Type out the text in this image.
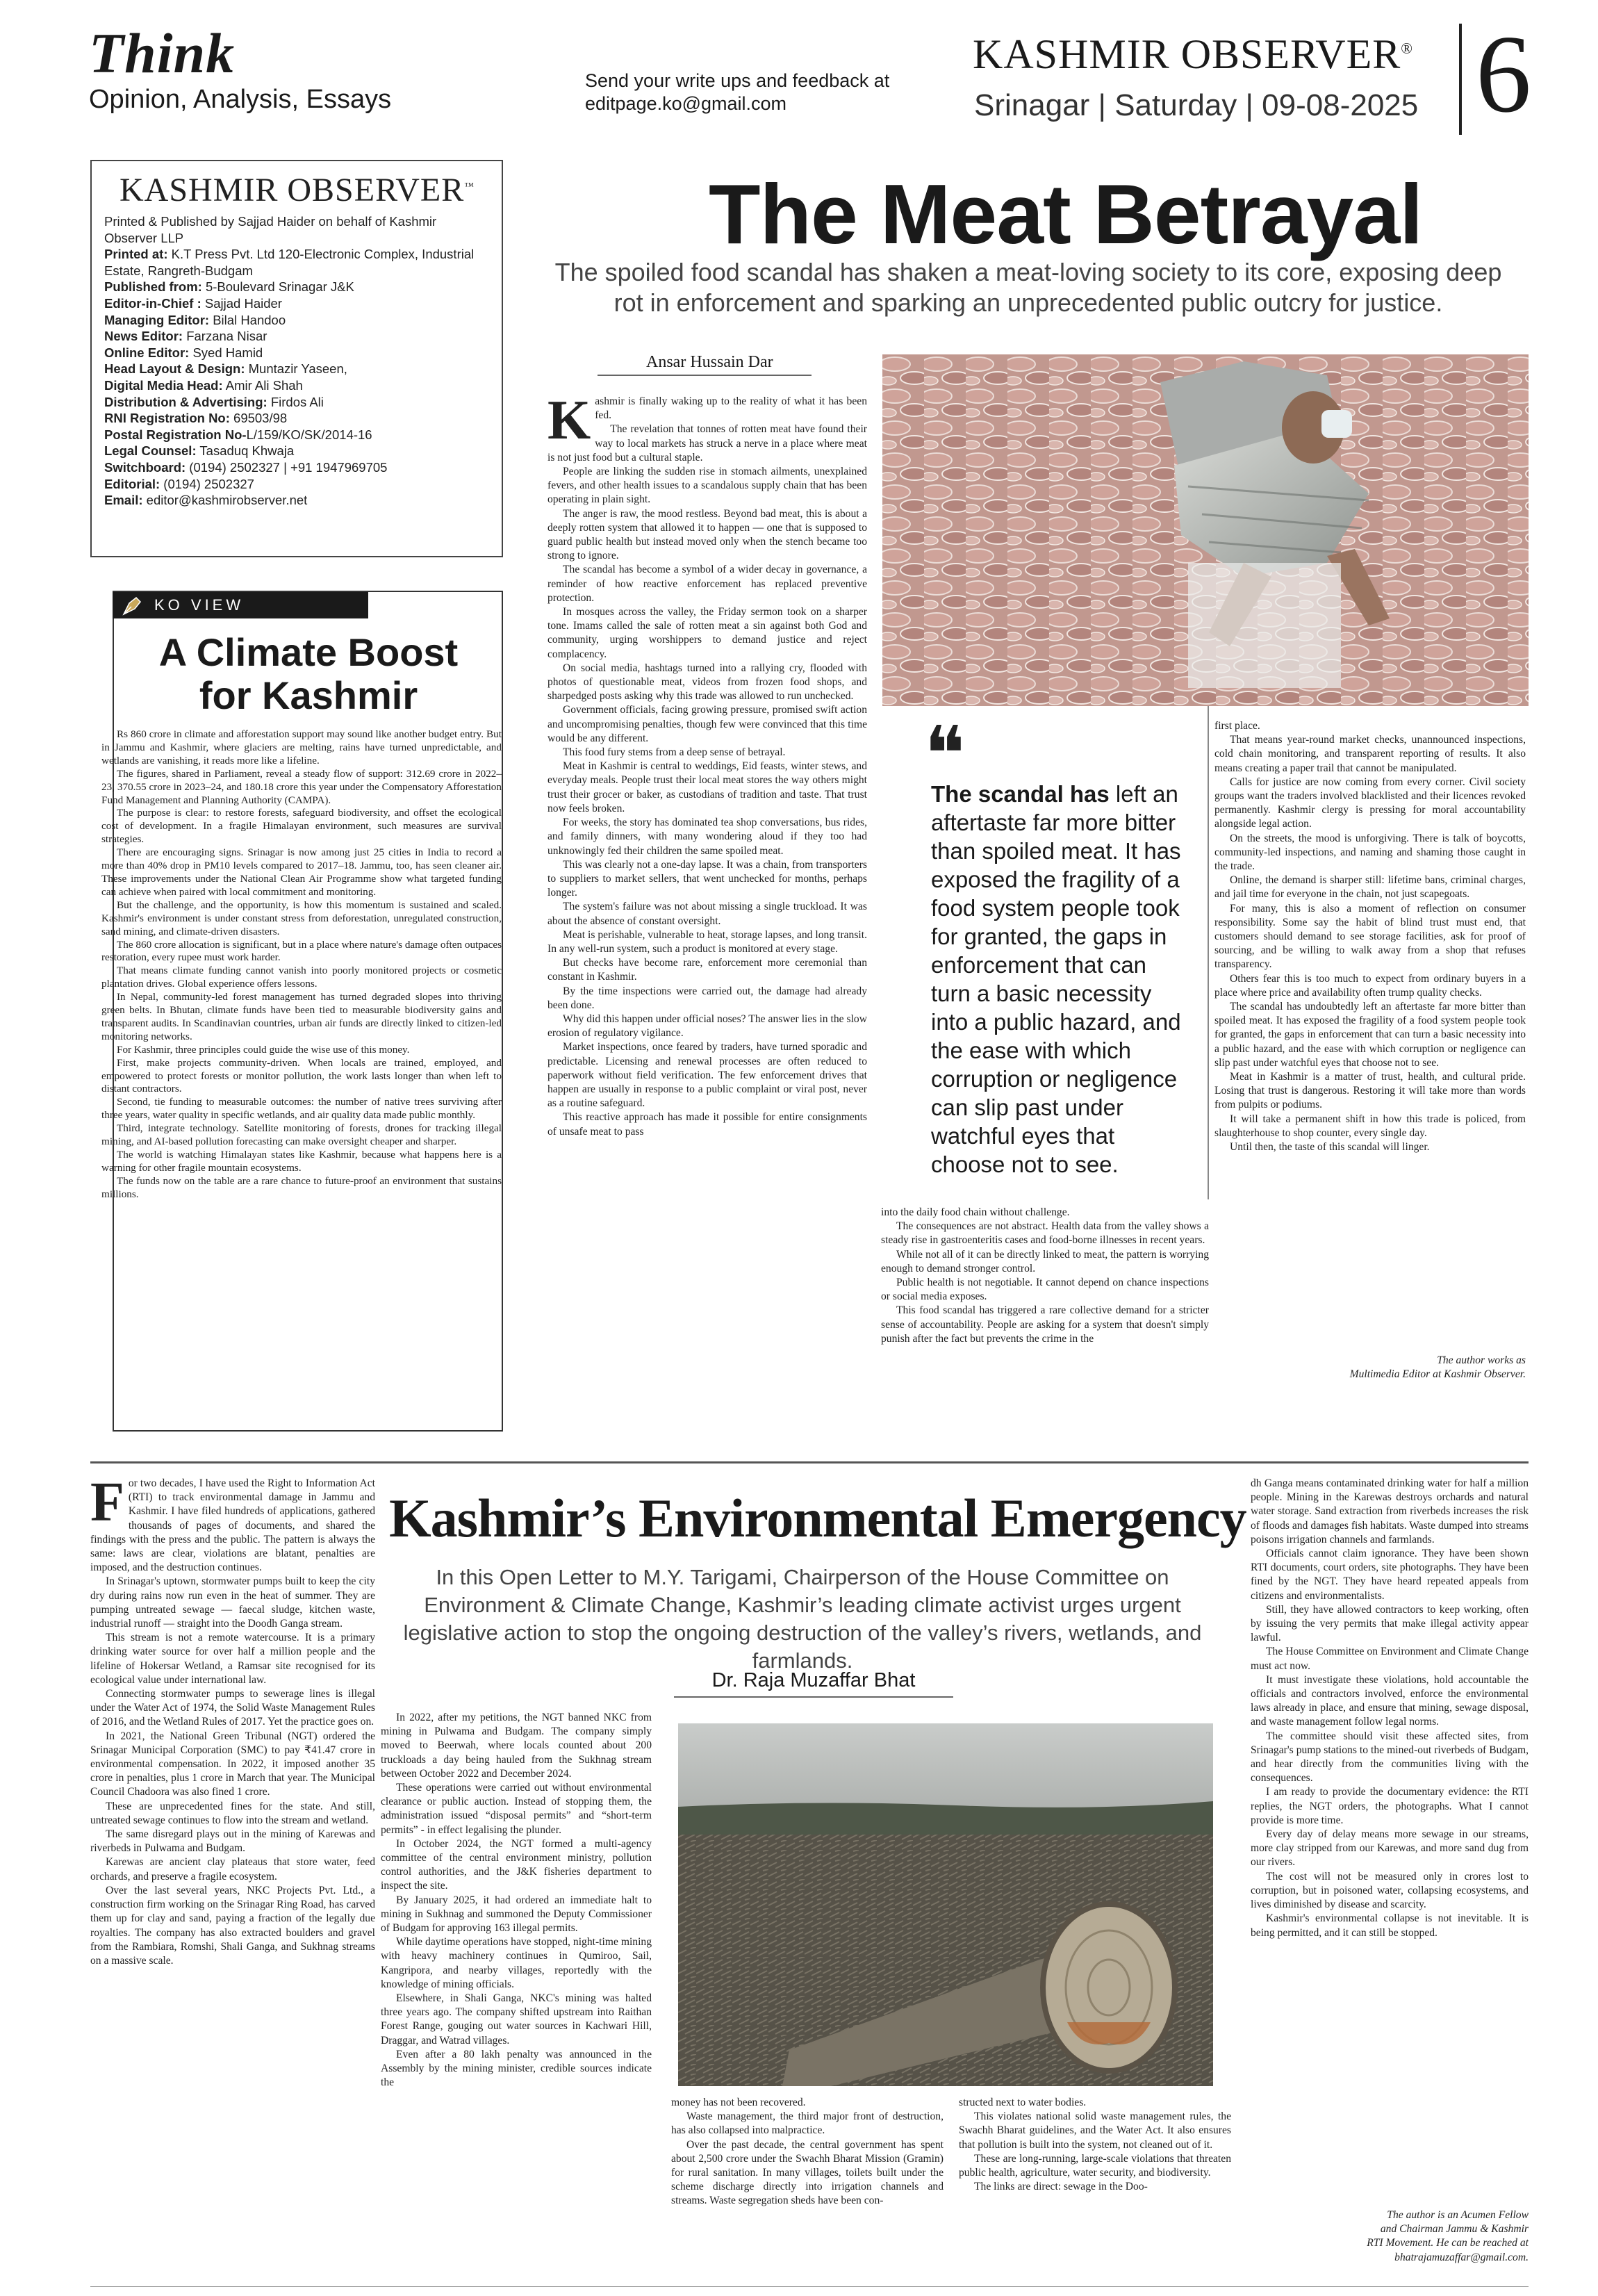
Think
Opinion, Analysis, Essays
Send your write ups and feedback at
editpage.ko@gmail.com
KASHMIR OBSERVER®
Srinagar | Saturday | 09-08-2025 6
KASHMIR OBSERVER™
Printed & Published by Sajjad Haider on behalf of Kashmir Observer LLP
Printed at: K.T Press Pvt. Ltd 120-Electronic Complex, Industrial Estate, Rangreth-Budgam
Published from: 5-Boulevard Srinagar J&K
Editor-in-Chief : Sajjad Haider
Managing Editor: Bilal Handoo
News Editor: Farzana Nisar
Online Editor: Syed Hamid
Head Layout & Design: Muntazir Yaseen,
Digital Media Head: Amir Ali Shah
Distribution & Advertising: Firdos Ali
RNI Registration No: 69503/98
Postal Registration No-L/159/KO/SK/2014-16
Legal Counsel: Tasaduq Khwaja
Switchboard: (0194) 2502327 | +91 1947969705
Editorial: (0194) 2502327
Email: editor@kashmirobserver.net
KO VIEW
A Climate Boost
for Kashmir

Rs 860 crore in climate and afforestation support may sound like another budget entry. But in Jammu and Kashmir, where glaciers are melting, rains have turned unpredictable, and wetlands are vanishing, it reads more like a lifeline.

The figures, shared in Parliament, reveal a steady flow of support: 312.69 crore in 2022–23, 370.55 crore in 2023–24, and 180.18 crore this year under the Compensatory Afforestation Fund Management and Planning Authority (CAMPA).

The purpose is clear: to restore forests, safeguard biodiversity, and offset the ecological cost of development. In a fragile Himalayan environment, such measures are survival strategies.

There are encouraging signs. Srinagar is now among just 25 cities in India to record a more than 40% drop in PM10 levels compared to 2017–18. Jammu, too, has seen cleaner air. These improvements under the National Clean Air Programme show what targeted funding can achieve when paired with local commitment and monitoring.

But the challenge, and the opportunity, is how this momentum is sustained and scaled. Kashmir's environment is under constant stress from deforestation, unregulated construction, sand mining, and climate-driven disasters.

The 860 crore allocation is significant, but in a place where nature's damage often outpaces restoration, every rupee must work harder.

That means climate funding cannot vanish into poorly monitored projects or cosmetic plantation drives. Global experience offers lessons.

In Nepal, community-led forest management has turned degraded slopes into thriving green belts. In Bhutan, climate funds have been tied to measurable biodiversity gains and transparent audits. In Scandinavian countries, urban air funds are directly linked to citizen-led monitoring networks.

For Kashmir, three principles could guide the wise use of this money.

First, make projects community-driven. When locals are trained, employed, and empowered to protect forests or monitor pollution, the work lasts longer than when left to distant contractors.

Second, tie funding to measurable outcomes: the number of native trees surviving after three years, water quality in specific wetlands, and air quality data made public monthly.

Third, integrate technology. Satellite monitoring of forests, drones for tracking illegal mining, and AI-based pollution forecasting can make oversight cheaper and sharper.

The world is watching Himalayan states like Kashmir, because what happens here is a warning for other fragile mountain ecosystems.

The funds now on the table are a rare chance to future-proof an environment that sustains millions.

The Meat Betrayal
The spoiled food scandal has shaken a meat-loving society to its core, exposing deep rot in enforcement and sparking an unprecedented public outcry for justice.
Ansar Hussain Dar
❝
The scandal has left an aftertaste far more bitter than spoiled meat. It has exposed the fragility of a food system people took for granted, the gaps in enforcement that can turn a basic necessity into a public hazard, and the ease with which corruption or negligence can slip past under watchful eyes that choose not to see.

Kashmir is finally waking up to the reality of what it has been fed.

The revelation that tonnes of rotten meat have found their way to local markets has struck a nerve in a place where meat is not just food but a cultural staple.

People are linking the sudden rise in stomach ailments, unexplained fevers, and other health issues to a scandalous supply chain that has been operating in plain sight.

The anger is raw, the mood restless. Beyond bad meat, this is about a deeply rotten system that allowed it to happen — one that is supposed to guard public health but instead moved only when the stench became too strong to ignore.

The scandal has become a symbol of a wider decay in governance, a reminder of how reactive enforcement has replaced preventive protection.

In mosques across the valley, the Friday sermon took on a sharper tone. Imams called the sale of rotten meat a sin against both God and community, urging worshippers to demand justice and reject complacency.

On social media, hashtags turned into a rallying cry, flooded with photos of questionable meat, videos from frozen food shops, and sharpedged posts asking why this trade was allowed to run unchecked.

Government officials, facing growing pressure, promised swift action and uncompromising penalties, though few were convinced that this time would be any different.

This food fury stems from a deep sense of betrayal.

Meat in Kashmir is central to weddings, Eid feasts, winter stews, and everyday meals. People trust their local meat stores the way others might trust their grocer or baker, as custodians of tradition and taste. That trust now feels broken.

For weeks, the story has dominated tea shop conversations, bus rides, and family dinners, with many wondering aloud if they too had unknowingly fed their children the same spoiled meat.

This was clearly not a one-day lapse. It was a chain, from transporters to suppliers to market sellers, that went unchecked for months, perhaps longer.

The system's failure was not about missing a single truckload. It was about the absence of constant oversight.

Meat is perishable, vulnerable to heat, storage lapses, and long transit. In any well-run system, such a product is monitored at every stage.

But checks have become rare, enforcement more ceremonial than constant in Kashmir.

By the time inspections were carried out, the damage had already been done.

Why did this happen under official noses? The answer lies in the slow erosion of regulatory vigilance.

Market inspections, once feared by traders, have turned sporadic and predictable. Licensing and renewal processes are often reduced to paperwork without field verification. The few enforcement drives that happen are usually in response to a public complaint or viral post, never as a routine safeguard.

This reactive approach has made it possible for entire consignments of unsafe meat to pass

into the daily food chain without challenge.

The consequences are not abstract. Health data from the valley shows a steady rise in gastroenteritis cases and food-borne illnesses in recent years.

While not all of it can be directly linked to meat, the pattern is worrying enough to demand stronger control.

Public health is not negotiable. It cannot depend on chance inspections or social media exposes.

This food scandal has triggered a rare collective demand for a stricter sense of accountability. People are asking for a system that doesn't simply punish after the fact but prevents the crime in the

first place.

That means year-round market checks, unannounced inspections, cold chain monitoring, and transparent reporting of results. It also means creating a paper trail that cannot be manipulated.

Calls for justice are now coming from every corner. Civil society groups want the traders involved blacklisted and their licences revoked permanently. Kashmir clergy is pressing for moral accountability alongside legal action.

On the streets, the mood is unforgiving. There is talk of boycotts, community-led inspections, and naming and shaming those caught in the trade.

Online, the demand is sharper still: lifetime bans, criminal charges, and jail time for everyone in the chain, not just scapegoats.

For many, this is also a moment of reflection on consumer responsibility. Some say the habit of blind trust must end, that customers should demand to see storage facilities, ask for proof of sourcing, and be willing to walk away from a shop that refuses transparency.

Others fear this is too much to expect from ordinary buyers in a place where price and availability often trump quality checks.

The scandal has undoubtedly left an aftertaste far more bitter than spoiled meat. It has exposed the fragility of a food system people took for granted, the gaps in enforcement that can turn a basic necessity into a public hazard, and the ease with which corruption or negligence can slip past under watchful eyes that choose not to see.

Meat in Kashmir is a matter of trust, health, and cultural pride. Losing that trust is dangerous. Restoring it will take more than words from pulpits or podiums.

It will take a permanent shift in how this trade is policed, from slaughterhouse to shop counter, every single day.

Until then, the taste of this scandal will linger.

The author works as
Multimedia Editor at Kashmir Observer.
Kashmir’s Environmental Emergency
In this Open Letter to M.Y. Tarigami, Chairperson of the House Committee on Environment & Climate Change, Kashmir’s leading climate activist urges urgent legislative action to stop the ongoing destruction of the valley’s rivers, wetlands, and farmlands.
Dr. Raja Muzaffar Bhat

For two decades, I have used the Right to Information Act (RTI) to track environmental damage in Jammu and Kashmir. I have filed hundreds of applications, gathered thousands of pages of documents, and shared the findings with the press and the public. The pattern is always the same: laws are clear, violations are blatant, penalties are imposed, and the destruction continues.

In Srinagar's uptown, stormwater pumps built to keep the city dry during rains now run even in the heat of summer. They are pumping untreated sewage — faecal sludge, kitchen waste, industrial runoff — straight into the Doodh Ganga stream.

This stream is not a remote watercourse. It is a primary drinking water source for over half a million people and the lifeline of Hokersar Wetland, a Ramsar site recognised for its ecological value under international law.

Connecting stormwater pumps to sewerage lines is illegal under the Water Act of 1974, the Solid Waste Management Rules of 2016, and the Wetland Rules of 2017. Yet the practice goes on.

In 2021, the National Green Tribunal (NGT) ordered the Srinagar Municipal Corporation (SMC) to pay ₹41.47 crore in environmental compensation. In 2022, it imposed another 35 crore in penalties, plus 1 crore in March that year. The Municipal Council Chadoora was also fined 1 crore.

These are unprecedented fines for the state. And still, untreated sewage continues to flow into the stream and wetland.

The same disregard plays out in the mining of Karewas and riverbeds in Pulwama and Budgam.

Karewas are ancient clay plateaus that store water, feed orchards, and preserve a fragile ecosystem.

Over the last several years, NKC Projects Pvt. Ltd., a construction firm working on the Srinagar Ring Road, has carved them up for clay and sand, paying a fraction of the legally due royalties. The company has also extracted boulders and gravel from the Rambiara, Romshi, Shali Ganga, and Sukhnag streams on a massive scale.

In 2022, after my petitions, the NGT banned NKC from mining in Pulwama and Budgam. The company simply moved to Beerwah, where locals counted about 200 truckloads a day being hauled from the Sukhnag stream between October 2022 and December 2024.

These operations were carried out without environmental clearance or public auction. Instead of stopping them, the administration issued “disposal permits” and “short-term permits” - in effect legalising the plunder.

In October 2024, the NGT formed a multi-agency committee of the central environment ministry, pollution control authorities, and the J&K fisheries department to inspect the site.

By January 2025, it had ordered an immediate halt to mining in Sukhnag and summoned the Deputy Commissioner of Budgam for approving 163 illegal permits.

While daytime operations have stopped, night-time mining with heavy machinery continues in Qumiroo, Sail, Kangripora, and nearby villages, reportedly with the knowledge of mining officials.

Elsewhere, in Shali Ganga, NKC's mining was halted three years ago. The company shifted upstream into Raithan Forest Range, gouging out water sources in Kachwari Hill, Draggar, and Watrad villages.

Even after a 80 lakh penalty was announced in the Assembly by the mining minister, credible sources indicate the

money has not been recovered.

Waste management, the third major front of destruction, has also collapsed into malpractice.

Over the past decade, the central government has spent about 2,500 crore under the Swachh Bharat Mission (Gramin) for rural sanitation. In many villages, toilets built under the scheme discharge directly into irrigation channels and streams. Waste segregation sheds have been con-

structed next to water bodies.

This violates national solid waste management rules, the Swachh Bharat guidelines, and the Water Act. It also ensures that pollution is built into the system, not cleaned out of it.

These are long-running, large-scale violations that threaten public health, agriculture, water security, and biodiversity.

The links are direct: sewage in the Doo-

dh Ganga means contaminated drinking water for half a million people. Mining in the Karewas destroys orchards and natural water storage. Sand extraction from riverbeds increases the risk of floods and damages fish habitats. Waste dumped into streams poisons irrigation channels and farmlands.

Officials cannot claim ignorance. They have been shown RTI documents, court orders, site photographs. They have been fined by the NGT. They have heard repeated appeals from citizens and environmentalists.

Still, they have allowed contractors to keep working, often by issuing the very permits that make illegal activity appear lawful.

The House Committee on Environment and Climate Change must act now.

It must investigate these violations, hold accountable the officials and contractors involved, enforce the environmental laws already in place, and ensure that mining, sewage disposal, and waste management follow legal norms.

The committee should visit these affected sites, from Srinagar's pump stations to the mined-out riverbeds of Budgam, and hear directly from the communities living with the consequences.

I am ready to provide the documentary evidence: the RTI replies, the NGT orders, the photographs. What I cannot provide is more time.

Every day of delay means more sewage in our streams, more clay stripped from our Karewas, and more sand dug from our rivers.

The cost will not be measured only in crores lost to corruption, but in poisoned water, collapsing ecosystems, and lives diminished by disease and scarcity.

Kashmir's environmental collapse is not inevitable. It is being permitted, and it can still be stopped.

The author is an Acumen Fellow
and Chairman Jammu & Kashmir
RTI Movement. He can be reached at
bhatrajamuzaffar@gmail.com.
